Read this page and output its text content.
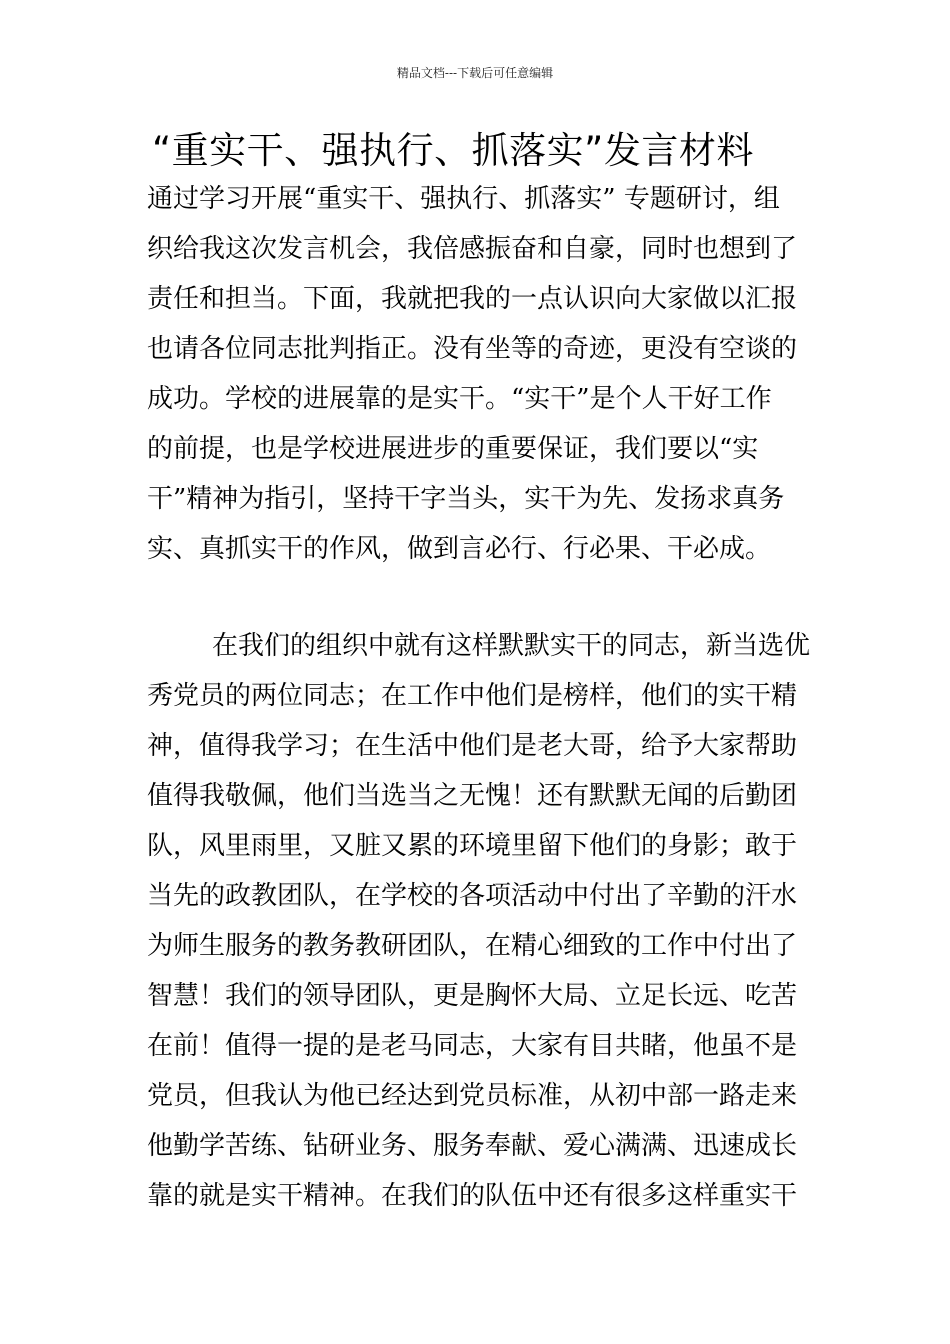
精品文档---下载后可任意编辑
“重实干、强执行、抓落实”发言材料
通过学习开展“重实干、强执行、抓落实” 专题研讨，组
织给我这次发言机会，我倍感振奋和自豪，同时也想到了
责任和担当。下面，我就把我的一点认识向大家做以汇报
也请各位同志批判指正。没有坐等的奇迹，更没有空谈的
成功。学校的进展靠的是实干。“实干”是个人干好工作
的前提，也是学校进展进步的重要保证，我们要以“实
干”精神为指引，坚持干字当头，实干为先、发扬求真务
实、真抓实干的作风，做到言必行、行必果、干必成。
在我们的组织中就有这样默默实干的同志，新当选优
秀党员的两位同志；在工作中他们是榜样，他们的实干精
神，值得我学习；在生活中他们是老大哥，给予大家帮助
值得我敬佩，他们当选当之无愧！还有默默无闻的后勤团
队，风里雨里，又脏又累的环境里留下他们的身影；敢于
当先的政教团队，在学校的各项活动中付出了辛勤的汗水
为师生服务的教务教研团队，在精心细致的工作中付出了
智慧！我们的领导团队，更是胸怀大局、立足长远、吃苦
在前！值得一提的是老马同志，大家有目共睹，他虽不是
党员，但我认为他已经达到党员标准，从初中部一路走来
他勤学苦练、钻研业务、服务奉献、爱心满满、迅速成长
靠的就是实干精神。在我们的队伍中还有很多这样重实干
